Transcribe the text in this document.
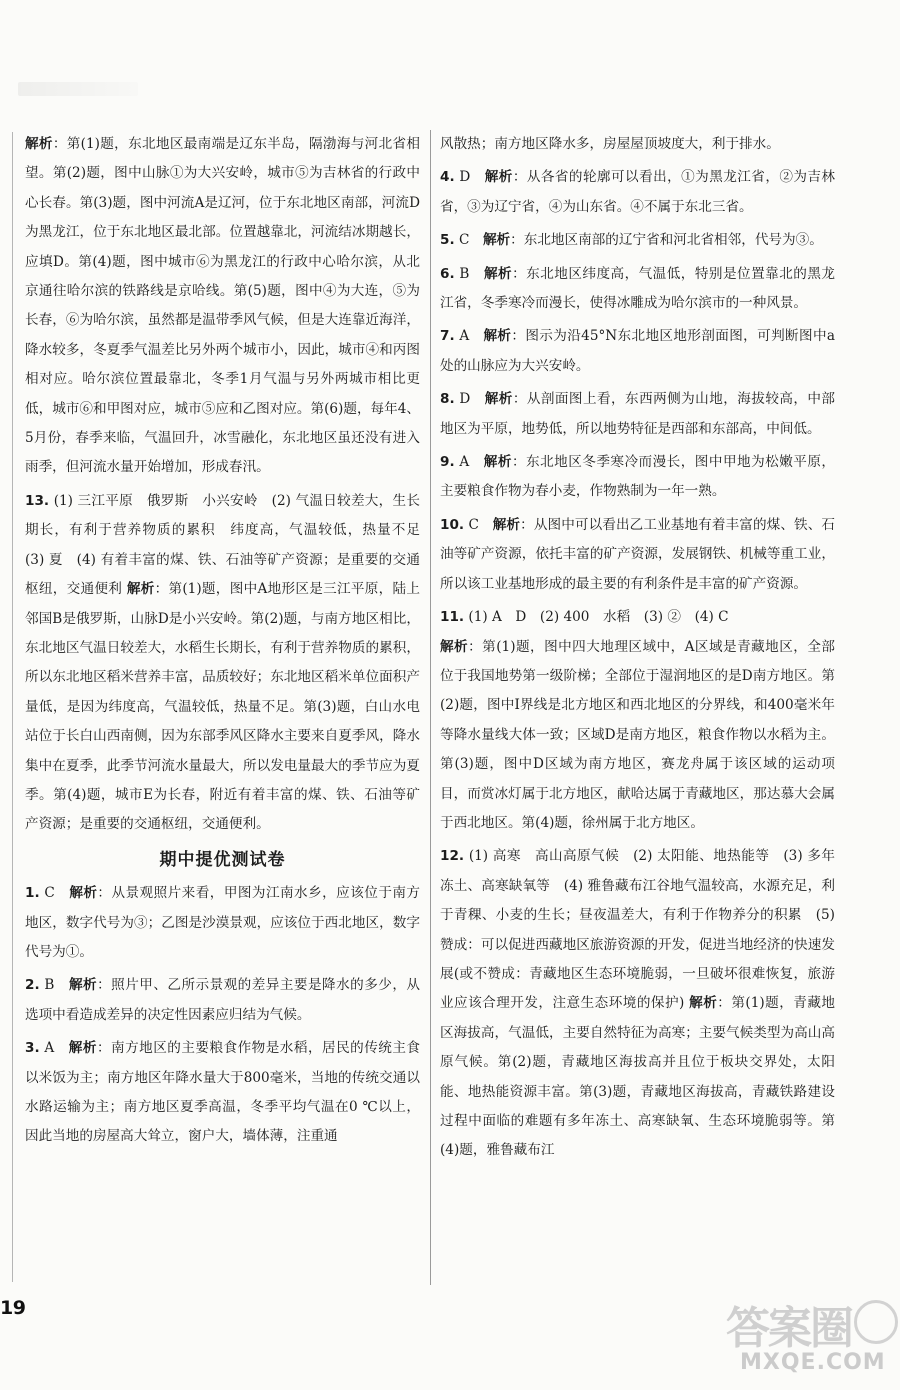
解析：第(1)题，东北地区最南端是辽东半岛，隔渤海与河北省相望。第(2)题，图中山脉①为大兴安岭，城市⑤为吉林省的行政中心长春。第(3)题，图中河流A是辽河，位于东北地区南部，河流D为黑龙江，位于东北地区最北部。位置越靠北，河流结冰期越长，应填D。第(4)题，图中城市⑥为黑龙江的行政中心哈尔滨，从北京通往哈尔滨的铁路线是京哈线。第(5)题，图中④为大连，⑤为长春，⑥为哈尔滨，虽然都是温带季风气候，但是大连靠近海洋，降水较多，冬夏季气温差比另外两个城市小，因此，城市④和丙图相对应。哈尔滨位置最靠北，冬季1月气温与另外两城市相比更低，城市⑥和甲图对应，城市⑤应和乙图对应。第(6)题，每年4、5月份，春季来临，气温回升，冰雪融化，东北地区虽还没有进入雨季，但河流水量开始增加，形成春汛。

13. (1) 三江平原　俄罗斯　小兴安岭　(2) 气温日较差大，生长期长，有利于营养物质的累积　纬度高，气温较低，热量不足　(3) 夏　(4) 有着丰富的煤、铁、石油等矿产资源；是重要的交通枢纽，交通便利 解析：第(1)题，图中A地形区是三江平原，陆上邻国B是俄罗斯，山脉D是小兴安岭。第(2)题，与南方地区相比，东北地区气温日较差大，水稻生长期长，有利于营养物质的累积，所以东北地区稻米营养丰富，品质较好；东北地区稻米单位面积产量低，是因为纬度高，气温较低，热量不足。第(3)题，白山水电站位于长白山西南侧，因为东部季风区降水主要来自夏季风，降水集中在夏季，此季节河流水量最大，所以发电量最大的季节应为夏季。第(4)题，城市E为长春，附近有着丰富的煤、铁、石油等矿产资源；是重要的交通枢纽，交通便利。

期中提优测试卷

1. C　 解析：从景观照片来看，甲图为江南水乡，应该位于南方地区，数字代号为③；乙图是沙漠景观，应该位于西北地区，数字代号为①。

2. B　 解析：照片甲、乙所示景观的差异主要是降水的多少，从选项中看造成差异的决定性因素应归结为气候。

3. A　 解析：南方地区的主要粮食作物是水稻，居民的传统主食以米饭为主；南方地区年降水量大于800毫米，当地的传统交通以水路运输为主；南方地区夏季高温，冬季平均气温在0 ℃以上，因此当地的房屋高大耸立，窗户大，墙体薄，注重通

风散热；南方地区降水多，房屋屋顶坡度大，利于排水。

4. D　 解析：从各省的轮廓可以看出，①为黑龙江省，②为吉林省，③为辽宁省，④为山东省。④不属于东北三省。

5. C　 解析：东北地区南部的辽宁省和河北省相邻，代号为③。

6. B　 解析：东北地区纬度高，气温低，特别是位置靠北的黑龙江省，冬季寒冷而漫长，使得冰雕成为哈尔滨市的一种风景。

7. A　 解析：图示为沿45°N东北地区地形剖面图，可判断图中a处的山脉应为大兴安岭。

8. D　 解析：从剖面图上看，东西两侧为山地，海拔较高，中部地区为平原，地势低，所以地势特征是西部和东部高，中间低。

9. A　 解析：东北地区冬季寒冷而漫长，图中甲地为松嫩平原，主要粮食作物为春小麦，作物熟制为一年一熟。

10. C　 解析：从图中可以看出乙工业基地有着丰富的煤、铁、石油等矿产资源，依托丰富的矿产资源，发展钢铁、机械等重工业，所以该工业基地形成的最主要的有利条件是丰富的矿产资源。

11. (1) A　D　(2) 400　水稻　(3) ②　(4) C
解析：第(1)题，图中四大地理区域中，A区域是青藏地区，全部位于我国地势第一级阶梯；全部位于湿润地区的是D南方地区。第(2)题，图中Ⅰ界线是北方地区和西北地区的分界线，和400毫米年等降水量线大体一致；区域D是南方地区，粮食作物以水稻为主。第(3)题，图中D区域为南方地区，赛龙舟属于该区域的运动项目，而赏冰灯属于北方地区，献哈达属于青藏地区，那达慕大会属于西北地区。第(4)题，徐州属于北方地区。

12. (1) 高寒　高山高原气候　(2) 太阳能、地热能等　(3) 多年冻土、高寒缺氧等　(4) 雅鲁藏布江谷地气温较高，水源充足，利于青稞、小麦的生长；昼夜温差大，有利于作物养分的积累　(5) 赞成：可以促进西藏地区旅游资源的开发，促进当地经济的快速发展(或不赞成：青藏地区生态环境脆弱，一旦破坏很难恢复，旅游业应该合理开发，注意生态环境的保护) 解析：第(1)题，青藏地区海拔高，气温低，主要自然特征为高寒；主要气候类型为高山高原气候。第(2)题，青藏地区海拔高并且位于板块交界处，太阳能、地热能资源丰富。第(3)题，青藏地区海拔高，青藏铁路建设过程中面临的难题有多年冻土、高寒缺氧、生态环境脆弱等。第(4)题，雅鲁藏布江

19	答案圈
MXQE.COM
